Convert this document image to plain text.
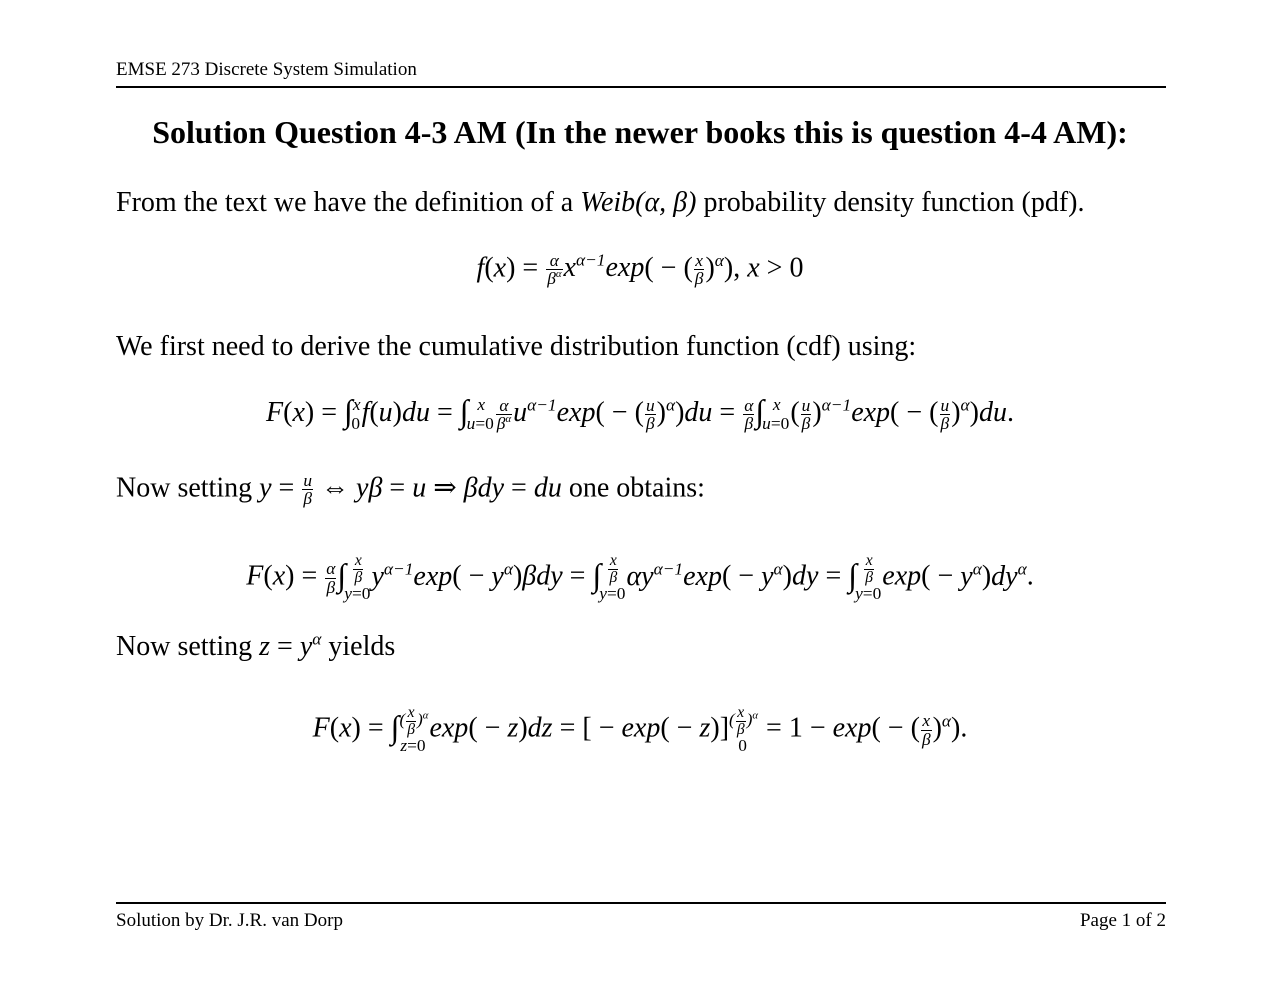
EMSE 273 Discrete System Simulation
Solution Question 4-3 AM (In the newer books this is question 4-4 AM):
From the text we have the definition of a Weib(α, β) probability density function (pdf).
$f(x) = \frac{\alpha}{\beta^\alpha} x^{\alpha-1}\exp$( − ( $\frac{x}{\beta} )^\alpha$), x > 0
We first need to derive the cumulative distribution function (cdf) using:
F(x) = ∫ x
0 f(u)du = ∫ x
$u=0 \frac{\alpha}{\beta^\alpha} u^{\alpha-1}\exp$( − ( $\frac{u}{\beta} )^\alpha)du = \frac{\alpha}{\beta}$ ∫ x
u=0 ( $\frac{u}{\beta} )^{\alpha-1}\exp$( − ( $\frac{u}{\beta} )^\alpha)du$.
Now setting $y = \frac{u}{\beta}$ ⇔ yβ = u ⇒ βdy = du one obtains:
$F(x) = \frac{\alpha}{\beta}$ ∫ $\frac{x}{\beta}$
y=0
$y^{\alpha-1}\exp( - y^\alpha)\beta dy$ = ∫ $\frac{x}{\beta}$
y=0
$\alpha y^{\alpha-1}\exp( - y^\alpha)dy$ = ∫ $\frac{x}{\beta}$
y=0
$\exp( - y^\alpha)dy^\alpha$.
Now setting $z = y^\alpha$ yields
F(x) = ∫ ( $\frac{x}{\beta} )^\alpha$
z=0
exp( − z)dz = [ − exp( − z)] ( $\frac{x}{\beta} )^\alpha$
0
= 1 − exp( − ( $\frac{x}{\beta} )^\alpha$).
Solution by Dr. J.R. van Dorp	Page 1 of 2
